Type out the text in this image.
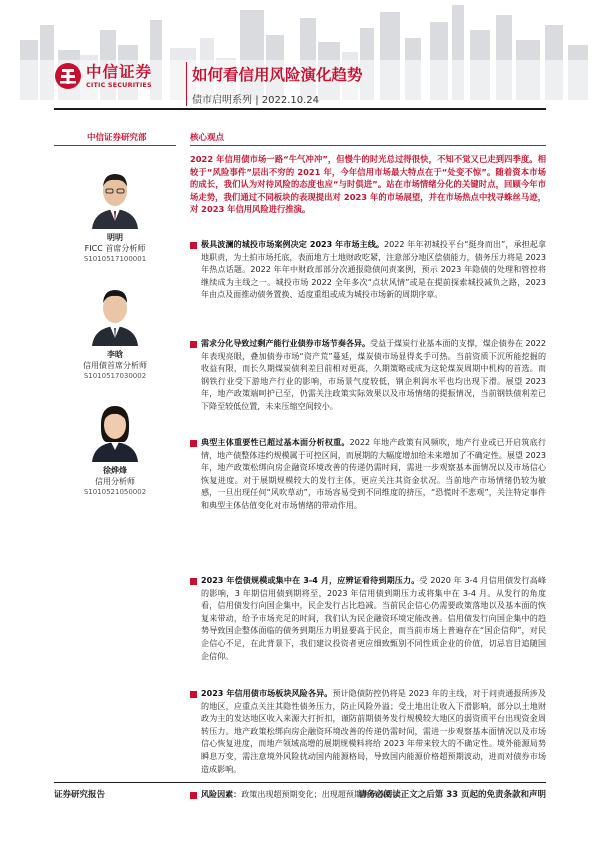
中信证券
CITIC SECURITIES
如何看信用风险演化趋势
债市启明系列 | 2022.10.24
中信证券研究部	核心观点
明明
FICC 首席分析师
S1010517100001
李晗
信用债首席分析师
S1010517030002
徐烨烽
信用分析师
S1010521050002

2022 年信用债市场一路“牛气冲冲”，但慢牛的时光总过得很快，不知不觉又已走到四季度。相较于“风险事件”层出不穷的 2021 年，今年信用市场最大特点在于“处变不惊”。随着资本市场的成长，我们认为对待风险的态度也应“与时俱进”。站在市场情绪分化的关键时点，回顾今年市场走势，我们通过不同板块的表现提出对 2023 年的市场展望，并在市场热点中找寻蛛丝马迹，对 2023 年信用风险进行推演。

极具波澜的城投市场案例决定 2023 年市场主线。2022 年年初城投平台“挺身而出”，承担起拿地职责，为土拍市场托底，表面地方土地财政吃紧，注意部分地区偿债能力，债务压力将是 2023 年热点话题。2022 年年中财政部部分次通报隐债问责案例，预示 2023 年隐债的处理和管控将继续成为主线之一。城投市场 2022 全年多次“点状风情”或是在提前探索城投减负之路，2023 年由点及面推动债务置换、适度重组或成为城投市场新的周期序章。
需求分化导致过剩产能行业债券市场节奏各异。受益于煤炭行业基本面的支撑，煤企债券在 2022 年表现亮眼，叠加债券市场“资产荒”蔓延，煤炭债市场显得炙手可热。当前资质下沉所能挖掘的收益有限，而长久期煤炭债利差目前相对更高，久期策略或成为这轮煤炭周期中机构的首选。而钢铁行业受下游地产行业的影响，市场景气度较低，钢企利润水平也均出现下滑。展望 2023 年，地产政策端呵护已至，仍需关注政策实际效果以及市场情绪的提振情况，当前钢铁债利差已下降至较低位置，未来压缩空间较小。
典型主体重要性已超过基本面分析权重。2022 年地产政策有风频吹，地产行业或已开启筑底行情，地产债整体违约规模属于可控区间，而展期的大幅度增加给未来增加了不确定性。展望 2023 年，地产政策松绑向房企融资环境改善的传递仍需时间，需进一步观察基本面情况以及市场信心恢复进度。对于展期规模较大的发行主体，更应关注其资金状况。当前地产市场情绪仍较为敏感，一旦出现任何“风吹草动”，市场容易受到不同维度的挤压，“恐慌时不悲观”，关注特定事件和典型主体估值变化对市场情绪的带动作用。
2023 年偿债规模或集中在 3-4 月，应辨证看待到期压力。受 2020 年 3-4 月信用债发行高峰的影响，3 年期信用债到期将至，2023 年信用债到期压力或将集中在 3-4 月。从发行的角度看，信用债发行向国企集中，民企发行占比趋减。当前民企信心仍需要政策落地以及基本面的恢复来带动，给予市场充足的时间，我们认为民企融资环境定能改善。信用债发行向国企集中的趋势导致国企整体面临的债务到期压力明显要高于民企，而当前市场上普遍存在“国企信仰”，对民企信心不足，在此背景下，我们建议投资者更应细致甄别不同性质企业的价值，切忌盲目追随国企信仰。
2023 年信用债市场板块风险各异。预计隐债防控仍将是 2023 年的主线，对于问责通报所涉及的地区，应重点关注其隐性债务压力，防止风险外溢；受土地出让收入下滑影响，部分以土地财政为主的发达地区收入来源大打折扣，谨防前期债务发行规模较大地区的弱资质平台出现资金周转压力。地产政策松绑向房企融资环境改善的传递仍需时间，需进一步观察基本面情况以及市场信心恢复进度，而地产领域高增的展期规模料将给 2023 年带来较大的不确定性。境外能源局势瞬息万变，需注意境外风险扰动国内能源格局，导致国内能源价格超预期波动，进而对债券市场造成影响。
风险因素：政策出现超预期变化；出现超预期舆情事件。
证券研究报告	请务必阅读正文之后第 33 页起的免责条款和声明
